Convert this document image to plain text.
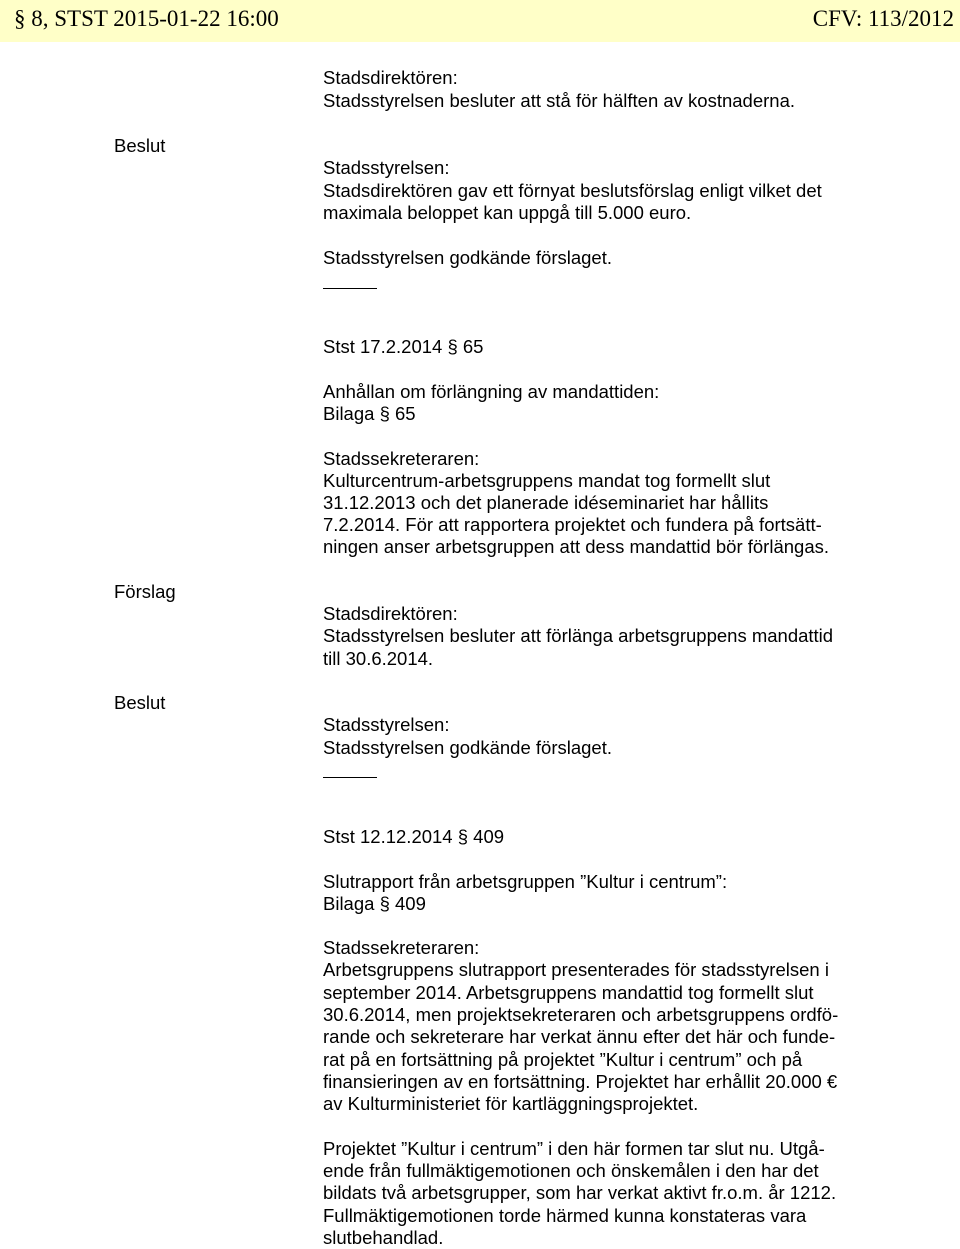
§ 8, STST 2015-01-22 16:00	CFV: 113/2012
Beslut
Förslag
Beslut
Stadsdirektören:
Stadsstyrelsen besluter att stå för hälften av kostnaderna.
Stadsstyrelsen:
Stadsdirektören gav ett förnyat beslutsförslag enligt vilket det
maximala beloppet kan uppgå till 5.000 euro.
Stadsstyrelsen godkände förslaget.
Stst 17.2.2014 § 65
Anhållan om förlängning av mandattiden:
Bilaga § 65
Stadssekreteraren:
Kulturcentrum-arbetsgruppens mandat tog formellt slut
31.12.2013 och det planerade idéseminariet har hållits
7.2.2014. För att rapportera projektet och fundera på fortsätt-
ningen anser arbetsgruppen att dess mandattid bör förlängas.
Stadsdirektören:
Stadsstyrelsen besluter att förlänga arbetsgruppens mandattid
till 30.6.2014.
Stadsstyrelsen:
Stadsstyrelsen godkände förslaget.
Stst 12.12.2014 § 409
Slutrapport från arbetsgruppen ”Kultur i centrum”:
Bilaga § 409
Stadssekreteraren:
Arbetsgruppens slutrapport presenterades för stadsstyrelsen i
september 2014. Arbetsgruppens mandattid tog formellt slut
30.6.2014, men projektsekreteraren och arbetsgruppens ordfö-
rande och sekreterare har verkat ännu efter det här och funde-
rat på en fortsättning på projektet ”Kultur i centrum” och på
finansieringen av en fortsättning. Projektet har erhållit 20.000 €
av Kulturministeriet för kartläggningsprojektet.
Projektet ”Kultur i centrum” i den här formen tar slut nu. Utgå-
ende från fullmäktigemotionen och önskemålen i den har det
bildats två arbetsgrupper, som har verkat aktivt fr.o.m. år 1212.
Fullmäktigemotionen torde härmed kunna konstateras vara
slutbehandlad.
